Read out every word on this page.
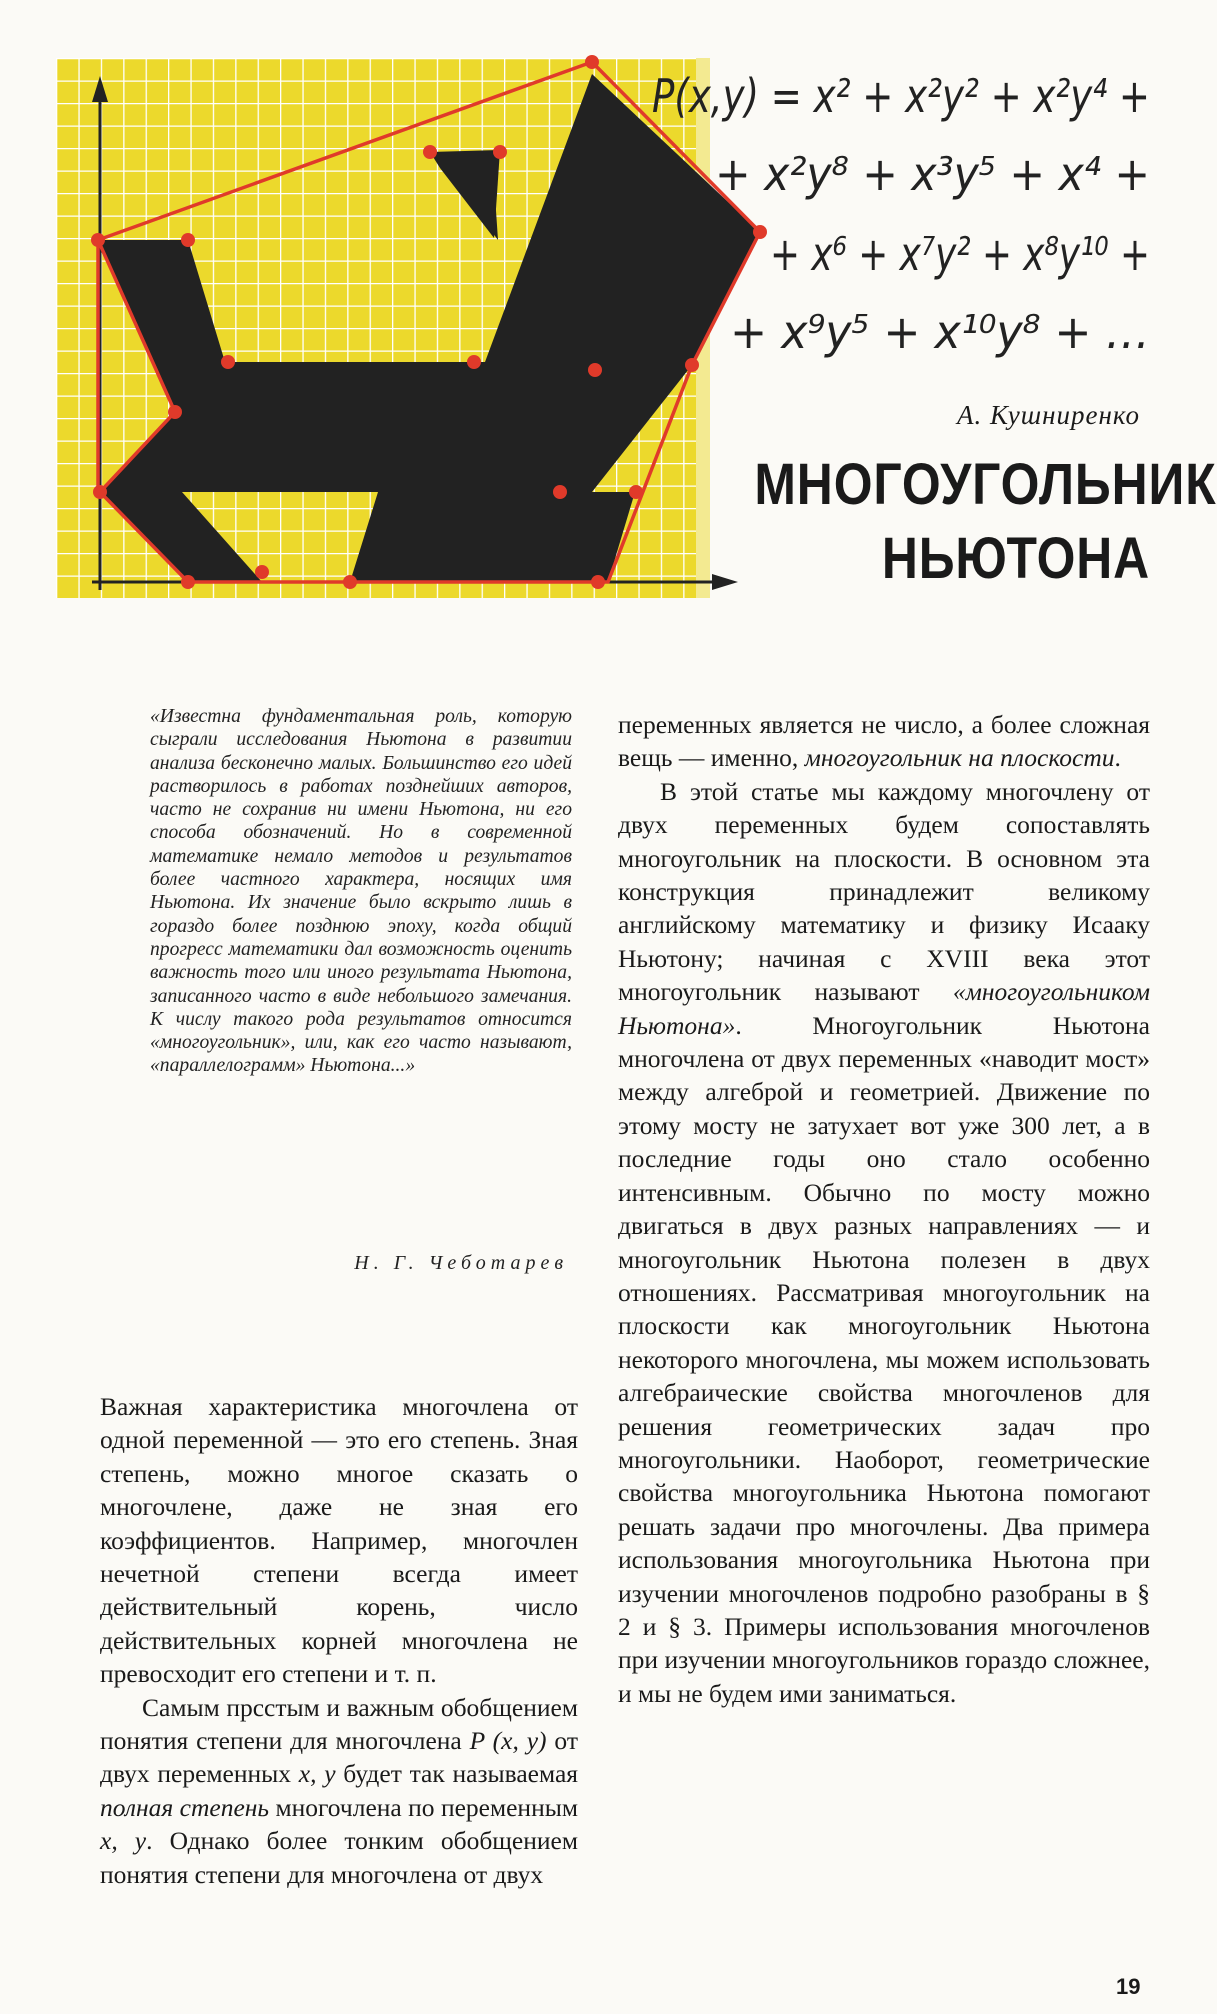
P(x,y) = x² + x²y² + x²y⁴ +
+ x²y⁸ + x³y⁵ + x⁴ +
+ x⁶ + x⁷y² + x⁸y¹⁰ +
+ x⁹y⁵ + x¹⁰y⁸ + …
А. Кушниренко
МНОГОУГОЛЬНИК
НЬЮТОНА
«Известна фундаментальная роль, которую сыграли исследования Ньютона в развитии анализа бесконечно малых. Большинство его идей растворилось в работах позднейших авторов, часто не сохранив ни имени Ньютона, ни его способа обозначений. Но в современной математике немало методов и результатов более частного характера, носящих имя Ньютона. Их значение было вскрыто лишь в гораздо более позднюю эпоху, когда общий прогресс математики дал возможность оценить важность того или иного результата Ньютона, записанного часто в виде небольшого замечания. К числу такого рода результатов относится «многоугольник», или, как его часто называют, «параллелограмм» Ньютона...»
Н. Г. Чеботарев

Важная характеристика многочлена от одной переменной — это его степень. Зная степень, можно многое сказать о многочлене, даже не зная его коэффициентов. Например, многочлен нечетной степени всегда имеет действительный корень, число действительных корней многочлена не превосходит его степени и т. п.

Самым прсстым и важным обобщением понятия степени для многочлена P (x, y) от двух переменных x, y будет так называемая полная степень многочлена по переменным x, y. Однако более тонким обобщением понятия степени для многочлена от двух

переменных является не число, а более сложная вещь — именно, многоугольник на плоскости.

В этой статье мы каждому многочлену от двух переменных будем сопоставлять многоугольник на плоскости. В основном эта конструкция принадлежит великому английскому математику и физику Исааку Ньютону; начиная с XVIII века этот многоугольник называют «многоугольником Ньютона». Многоугольник Ньютона многочлена от двух переменных «наводит мост» между алгеброй и геометрией. Движение по этому мосту не затухает вот уже 300 лет, а в последние годы оно стало особенно интенсивным. Обычно по мосту можно двигаться в двух разных направлениях — и многоугольник Ньютона полезен в двух отношениях. Рассматривая многоугольник на плоскости как многоугольник Ньютона некоторого многочлена, мы можем использовать алгебраические свойства многочленов для решения геометрических задач про многоугольники. Наоборот, геометрические свойства многоугольника Ньютона помогают решать задачи про многочлены. Два примера использования многоугольника Ньютона при изучении многочленов подробно разобраны в § 2 и § 3. Примеры использования многочленов при изучении многоугольников гораздо сложнее, и мы не будем ими заниматься.

19
